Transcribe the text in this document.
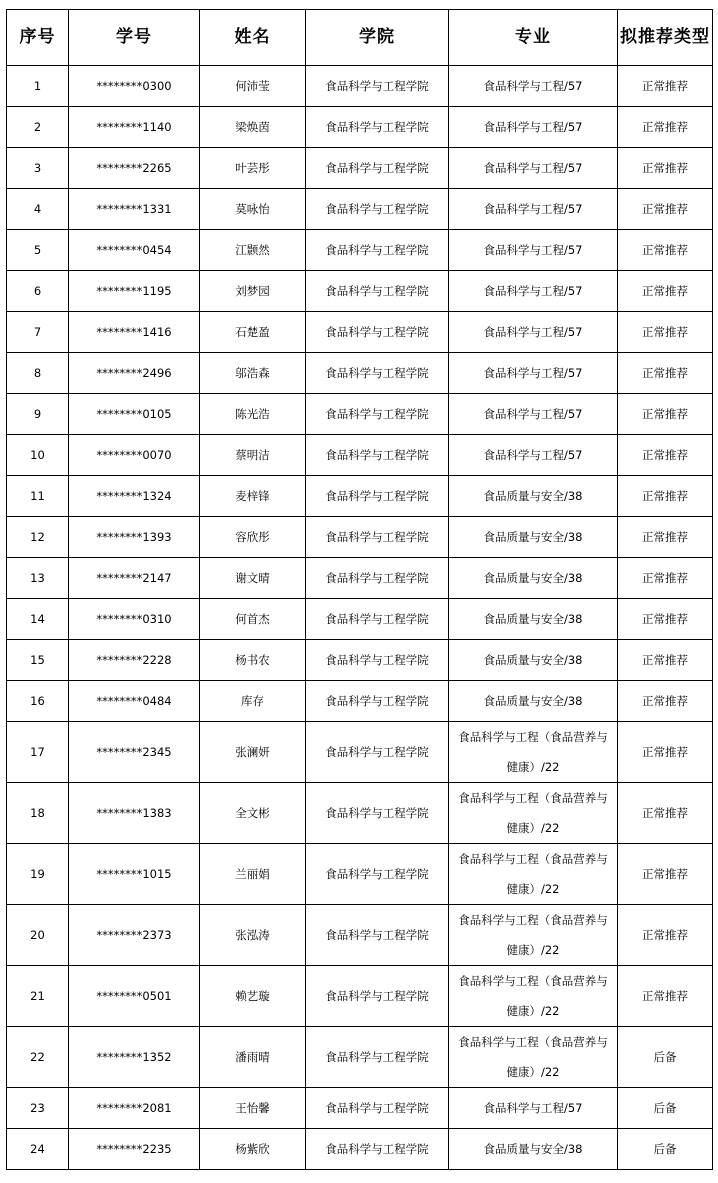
序号	学号	姓名	学院	专业	拟推荐类型
1	********0300	何沛莹	食品科学与工程学院	食品科学与工程/57	正常推荐
2	********1140	梁焕茵	食品科学与工程学院	食品科学与工程/57	正常推荐
3	********2265	叶芸彤	食品科学与工程学院	食品科学与工程/57	正常推荐
4	********1331	莫咏怡	食品科学与工程学院	食品科学与工程/57	正常推荐
5	********0454	江颢然	食品科学与工程学院	食品科学与工程/57	正常推荐
6	********1195	刘梦园	食品科学与工程学院	食品科学与工程/57	正常推荐
7	********1416	石楚盈	食品科学与工程学院	食品科学与工程/57	正常推荐
8	********2496	邬浩森	食品科学与工程学院	食品科学与工程/57	正常推荐
9	********0105	陈光浩	食品科学与工程学院	食品科学与工程/57	正常推荐
10	********0070	蔡明洁	食品科学与工程学院	食品科学与工程/57	正常推荐
11	********1324	麦梓锋	食品科学与工程学院	食品质量与安全/38	正常推荐
12	********1393	容欣彤	食品科学与工程学院	食品质量与安全/38	正常推荐
13	********2147	谢文晴	食品科学与工程学院	食品质量与安全/38	正常推荐
14	********0310	何首杰	食品科学与工程学院	食品质量与安全/38	正常推荐
15	********2228	杨书农	食品科学与工程学院	食品质量与安全/38	正常推荐
16	********0484	库存	食品科学与工程学院	食品质量与安全/38	正常推荐
17	********2345	张澜妍	食品科学与工程学院	食品科学与工程（食品营养与
健康）/22	正常推荐
18	********1383	全文彬	食品科学与工程学院	食品科学与工程（食品营养与
健康）/22	正常推荐
19	********1015	兰丽娟	食品科学与工程学院	食品科学与工程（食品营养与
健康）/22	正常推荐
20	********2373	张泓涛	食品科学与工程学院	食品科学与工程（食品营养与
健康）/22	正常推荐
21	********0501	赖艺璇	食品科学与工程学院	食品科学与工程（食品营养与
健康）/22	正常推荐
22	********1352	潘雨晴	食品科学与工程学院	食品科学与工程（食品营养与
健康）/22	后备
23	********2081	王怡馨	食品科学与工程学院	食品科学与工程/57	后备
24	********2235	杨紫欣	食品科学与工程学院	食品质量与安全/38	后备
